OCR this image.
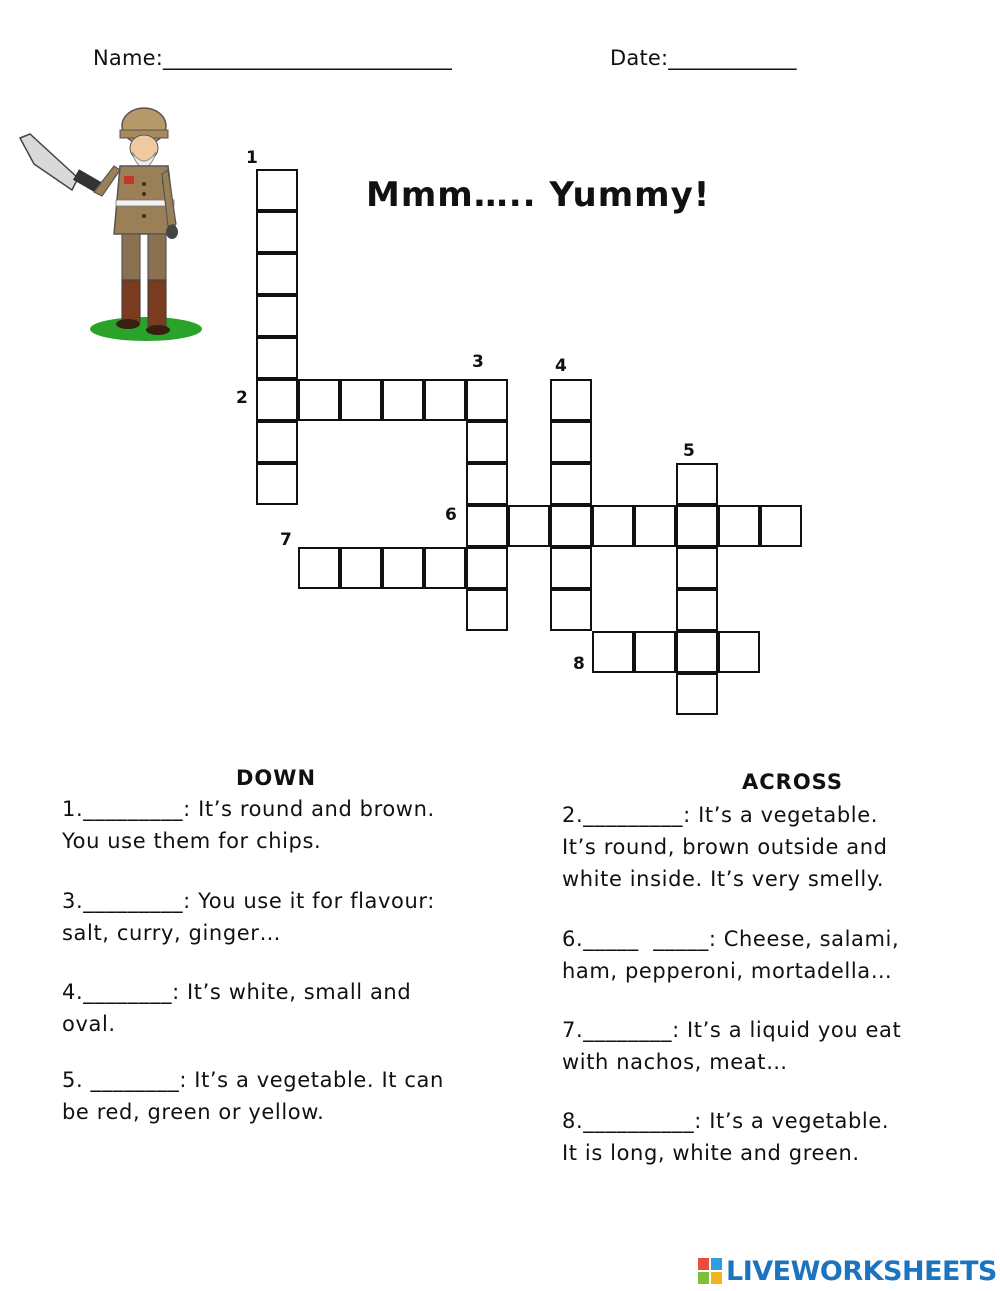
Name:___________________________	Date:____________
Mmm….. Yummy!
1
2
3	4
5
6
7
8
DOWN	ACROSS
1._________: It’s round and brown.
You use them for chips.
3._________: You use it for flavour:
salt, curry, ginger…
4.________: It’s white, small and
oval.
5. ________: It’s a vegetable. It can
be red, green or yellow.
2._________: It’s a vegetable.
It’s round, brown outside and
white inside. It’s very smelly.
6._____  _____: Cheese, salami,
ham, pepperoni, mortadella…
7.________: It’s a liquid you eat
with nachos, meat…
8.__________: It’s a vegetable.
It is long, white and green.
LIVEWORKSHEETS
